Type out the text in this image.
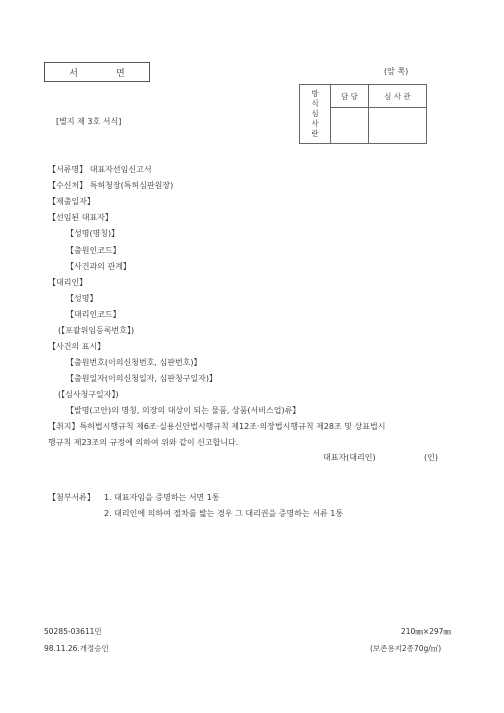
서	면	(앞 쪽)
[별지 제 3호 서식]
방
식
심
사
란	담 당	심 사 관

【서류명】 대표자선임신고서
【수신처】 특허청장(특허심판원장)
【제출일자】
【선임된 대표자】
【성명(명칭)】
【출원인코드】
【사건과의 관계】
【대리인】
【성명】
【대리인코드】
(【포괄위임등록번호】)
【사건의 표시】
【출원번호(이의신청번호, 심판번호)】
【출원일자(이의신청일자, 심판청구일자)】
(【심사청구일자】)
【발명(고안)의 명칭, 의장의 대상이 되는 물품, 상품(서비스업)류】
【취지】특허법시행규칙 제6조·실용신안법시행규칙 제12조·의장법시행규칙 제28조 및 상표법시
행규칙 제23조의 규정에 의하여 위와 같이 신고합니다.
대표자(대리인)	(인)
【첨부서류】 1. 대표자임을 증명하는 서면 1통
2. 대리인에 의하여 절차를 밟는 경우 그 대리권을 증명하는 서류 1통
50285-03611민
98.11.26.개정승인
210㎜×297㎜
(보존용지2종70g/㎡)
